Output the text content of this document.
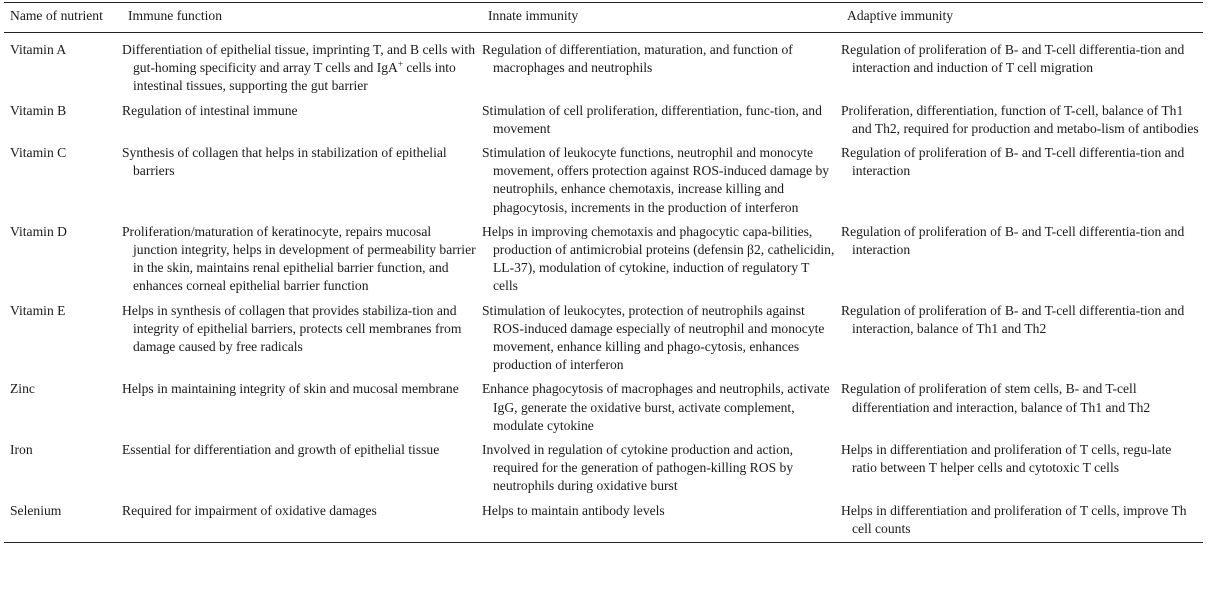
Name of nutrient	Immune function	Innate immunity	Adaptive immunity
Vitamin A	Differentiation of epithelial tissue, imprinting T, and B cells with gut-homing specificity and array T cells and IgA+ cells into intestinal tissues, supporting the gut barrier	Regulation of differentiation, maturation, and function of macrophages and neutrophils	Regulation of proliferation of B- and T-cell differentia-tion and interaction and induction of T cell migration
Vitamin B	Regulation of intestinal immune	Stimulation of cell proliferation, differentiation, func-tion, and movement	Proliferation, differentiation, function of T-cell, balance of Th1 and Th2, required for production and metabo-lism of antibodies
Vitamin C	Synthesis of collagen that helps in stabilization of epithelial barriers	Stimulation of leukocyte functions, neutrophil and monocyte movement, offers protection against ROS-induced damage by neutrophils, enhance chemotaxis, increase killing and phagocytosis, increments in the production of interferon	Regulation of proliferation of B- and T-cell differentia-tion and interaction
Vitamin D	Proliferation/maturation of keratinocyte, repairs mucosal junction integrity, helps in development of permeability barrier in the skin, maintains renal epithelial barrier function, and enhances corneal epithelial barrier function	Helps in improving chemotaxis and phagocytic capa-bilities, production of antimicrobial proteins (defensin β2, cathelicidin, LL-37), modulation of cytokine, induction of regulatory T cells	Regulation of proliferation of B- and T-cell differentia-tion and interaction
Vitamin E	Helps in synthesis of collagen that provides stabiliza-tion and integrity of epithelial barriers, protects cell membranes from damage caused by free radicals	Stimulation of leukocytes, protection of neutrophils against ROS-induced damage especially of neutrophil and monocyte movement, enhance killing and phago-cytosis, enhances production of interferon	Regulation of proliferation of B- and T-cell differentia-tion and interaction, balance of Th1 and Th2
Zinc	Helps in maintaining integrity of skin and mucosal membrane	Enhance phagocytosis of macrophages and neutrophils, activate IgG, generate the oxidative burst, activate complement, modulate cytokine	Regulation of proliferation of stem cells, B- and T-cell differentiation and interaction, balance of Th1 and Th2
Iron	Essential for differentiation and growth of epithelial tissue	Involved in regulation of cytokine production and action, required for the generation of pathogen-killing ROS by neutrophils during oxidative burst	Helps in differentiation and proliferation of T cells, regu-late ratio between T helper cells and cytotoxic T cells
Selenium	Required for impairment of oxidative damages	Helps to maintain antibody levels	Helps in differentiation and proliferation of T cells, improve Th cell counts
